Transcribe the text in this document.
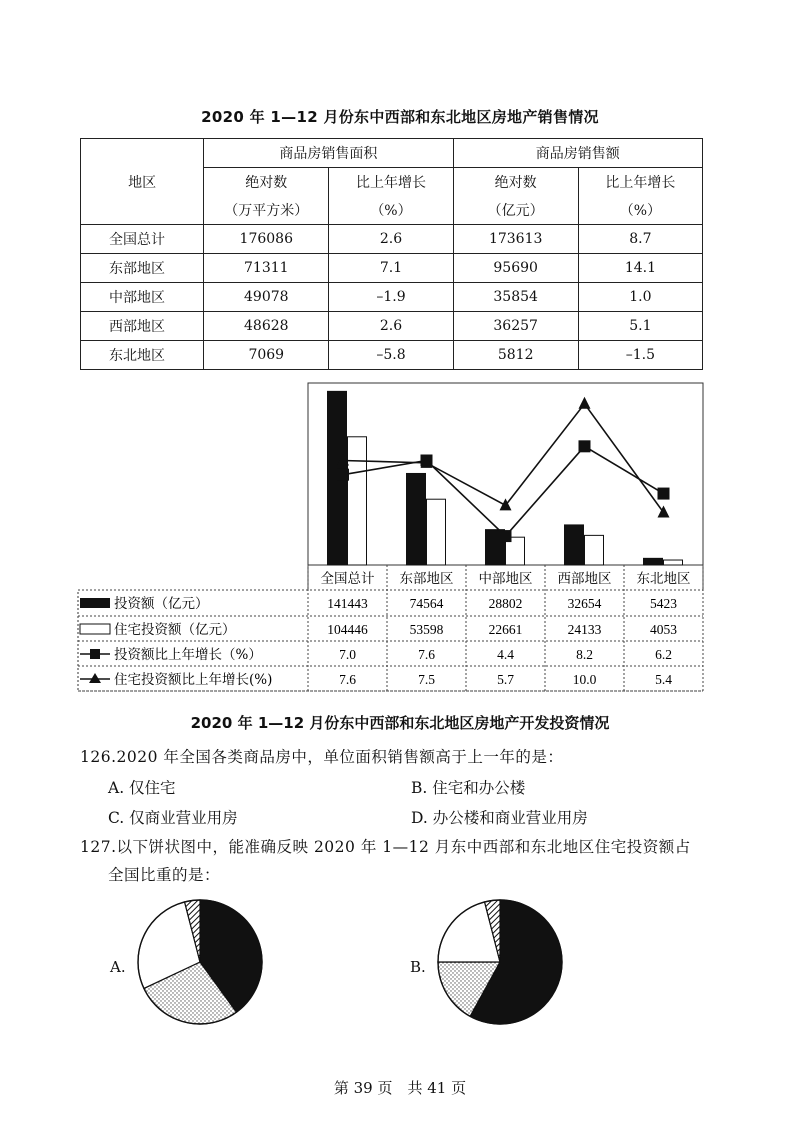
2020 年 1—12 月份东中西部和东北地区房地产销售情况
地区	商品房销售面积		商品房销售额	
	绝对数	比上年增长	绝对数	比上年增长
	（万平方米）	（%）	（亿元）	（%）
全国总计	176086	2.6	173613	8.7
东部地区	71311	7.1	95690	14.1
中部地区	49078	–1.9	35854	1.0
西部地区	48628	2.6	36257	5.1
东北地区	7069	–5.8	5812	–1.5
全国总计 东部地区 中部地区 西部地区 东北地区
投资额（亿元）	141443	74564	28802	32654	5423
住宅投资额（亿元）	104446	53598	22661	24133	4053
投资额比上年增长（%）	7.0	7.6	4.4	8.2	6.2
住宅投资额比上年增长(%)	7.6	7.5	5.7	10.0	5.4
2020 年 1—12 月份东中西部和东北地区房地产开发投资情况
126.2020 年全国各类商品房中，单位面积销售额高于上一年的是：
A. 仅住宅	B. 住宅和办公楼
C. 仅商业营业用房	D. 办公楼和商业营业用房
127.以下饼状图中，能准确反映 2020 年 1—12 月东中西部和东北地区住宅投资额占
全国比重的是：
A.	B.
第 39 页　共 41 页
